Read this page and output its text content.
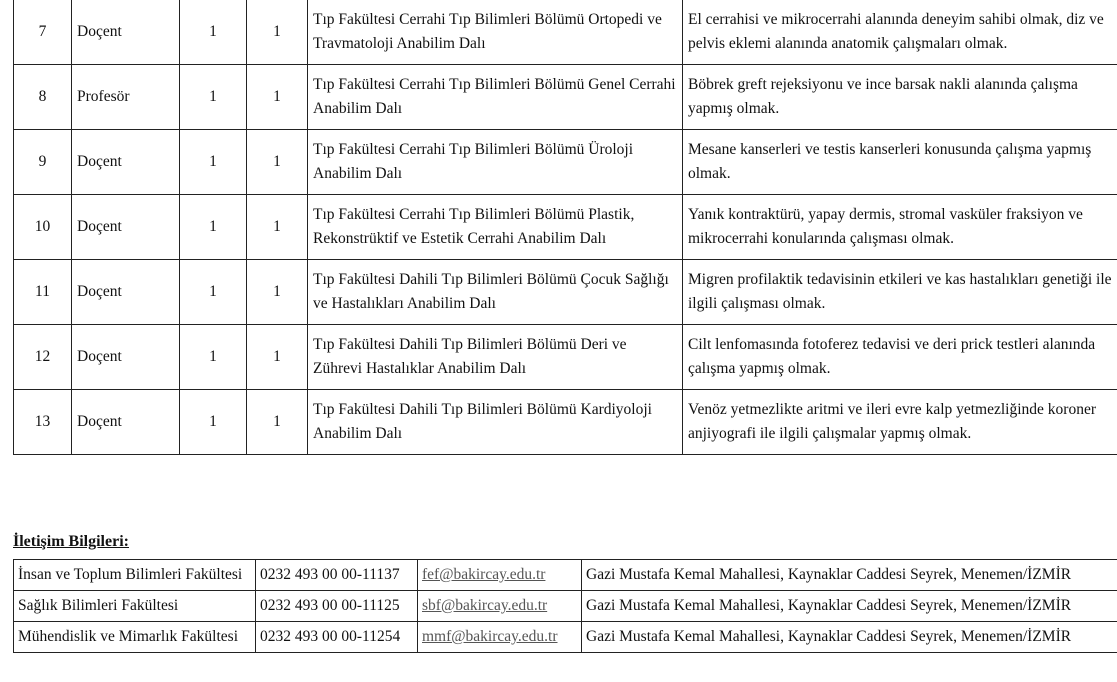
7	Doçent	1	1	Tıp Fakültesi Cerrahi Tıp Bilimleri Bölümü Ortopedi ve Travmatoloji Anabilim Dalı	El cerrahisi ve mikrocerrahi alanında deneyim sahibi olmak, diz ve pelvis eklemi alanında anatomik çalışmaları olmak.
8	Profesör	1	1	Tıp Fakültesi Cerrahi Tıp Bilimleri Bölümü Genel Cerrahi Anabilim Dalı	Böbrek greft rejeksiyonu ve ince barsak nakli alanında çalışma yapmış olmak.
9	Doçent	1	1	Tıp Fakültesi Cerrahi Tıp Bilimleri Bölümü Üroloji Anabilim Dalı	Mesane kanserleri ve testis kanserleri konusunda çalışma yapmış olmak.
10	Doçent	1	1	Tıp Fakültesi Cerrahi Tıp Bilimleri Bölümü Plastik, Rekonstrüktif ve Estetik Cerrahi Anabilim Dalı	Yanık kontraktürü, yapay dermis, stromal vasküler fraksiyon ve mikrocerrahi konularında çalışması olmak.
11	Doçent	1	1	Tıp Fakültesi Dahili Tıp Bilimleri Bölümü Çocuk Sağlığı ve Hastalıkları Anabilim Dalı	Migren profilaktik tedavisinin etkileri ve kas hastalıkları genetiği ile ilgili çalışması olmak.
12	Doçent	1	1	Tıp Fakültesi Dahili Tıp Bilimleri Bölümü Deri ve Zührevi Hastalıklar Anabilim Dalı	Cilt lenfomasında fotoferez tedavisi ve deri prick testleri alanında çalışma yapmış olmak.
13	Doçent	1	1	Tıp Fakültesi Dahili Tıp Bilimleri Bölümü Kardiyoloji Anabilim Dalı	Venöz yetmezlikte aritmi ve ileri evre kalp yetmezliğinde koroner anjiyografi ile ilgili çalışmalar yapmış olmak.
İletişim Bilgileri:
İnsan ve Toplum Bilimleri Fakültesi	0232 493 00 00-11137	fef@bakircay.edu.tr	Gazi Mustafa Kemal Mahallesi, Kaynaklar Caddesi Seyrek, Menemen/İZMİR
Sağlık Bilimleri Fakültesi	0232 493 00 00-11125	sbf@bakircay.edu.tr	Gazi Mustafa Kemal Mahallesi, Kaynaklar Caddesi Seyrek, Menemen/İZMİR
Mühendislik ve Mimarlık Fakültesi	0232 493 00 00-11254	mmf@bakircay.edu.tr	Gazi Mustafa Kemal Mahallesi, Kaynaklar Caddesi Seyrek, Menemen/İZMİR
